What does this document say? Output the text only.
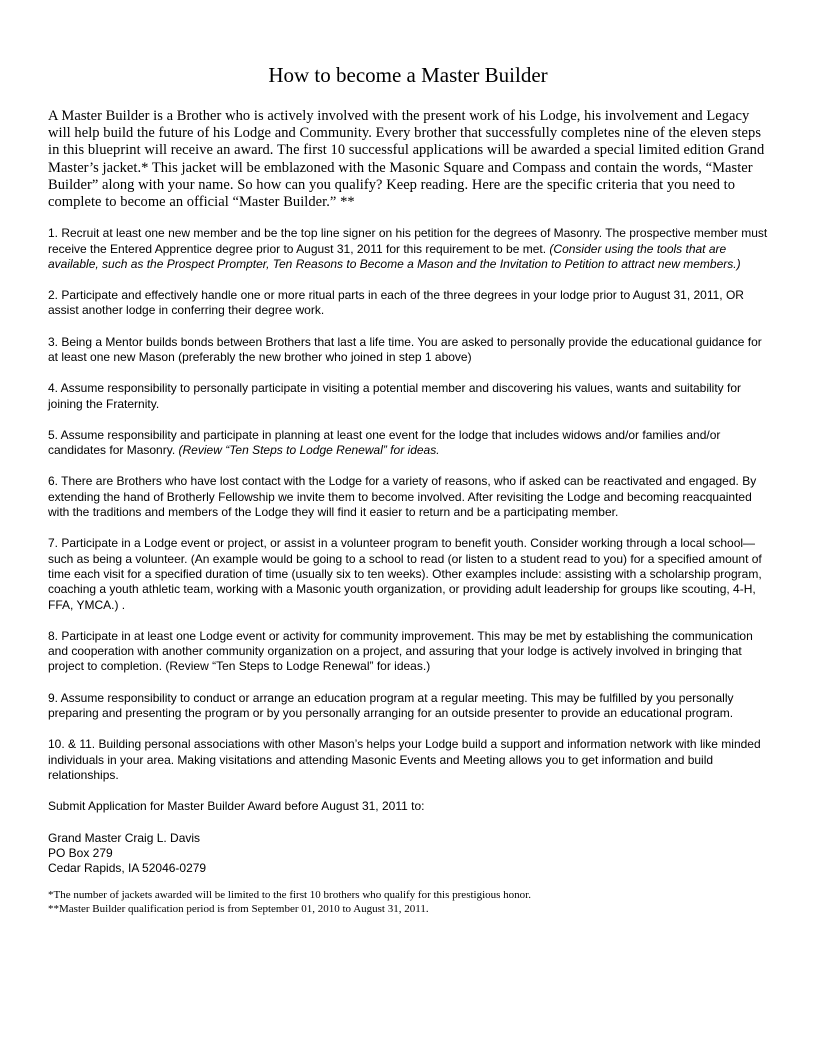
How to become a Master Builder

A Master Builder is a Brother who is actively involved with the present work of his Lodge, his involvement and Legacy will help build the future of his Lodge and Community. Every brother that successfully completes nine of the eleven steps in this blueprint will receive an award. The first 10 successful applications will be awarded a special limited edition Grand Master’s jacket.* This jacket will be emblazoned with the Masonic Square and Compass and contain the words, “Master Builder” along with your name. So how can you qualify? Keep reading. Here are the specific criteria that you need to complete to become an official “Master Builder.” **

1. Recruit at least one new member and be the top line signer on his petition for the degrees of Masonry. The prospective member must receive the Entered Apprentice degree prior to August 31, 2011 for this requirement to be met. (Consider using the tools that are available, such as the Prospect Prompter, Ten Reasons to Become a Mason and the Invitation to Petition to attract new members.)

2. Participate and effectively handle one or more ritual parts in each of the three degrees in your lodge prior to August 31, 2011, OR assist another lodge in conferring their degree work.

3. Being a Mentor builds bonds between Brothers that last a life time. You are asked to personally provide the educational guidance for at least one new Mason (preferably the new brother who joined in step 1 above)

4. Assume responsibility to personally participate in visiting a potential member and discovering his values, wants and suitability for joining the Fraternity.

5. Assume responsibility and participate in planning at least one event for the lodge that includes widows and/or families and/or candidates for Masonry. (Review “Ten Steps to Lodge Renewal” for ideas.

6. There are Brothers who have lost contact with the Lodge for a variety of reasons, who if asked can be reactivated and engaged. By extending the hand of Brotherly Fellowship we invite them to become involved. After revisiting the Lodge and becoming reacquainted with the traditions and members of the Lodge they will find it easier to return and be a participating member.

7. Participate in a Lodge event or project, or assist in a volunteer program to benefit youth. Consider working through a local school—such as being a volunteer. (An example would be going to a school to read (or listen to a student read to you) for a specified amount of time each visit for a specified duration of time (usually six to ten weeks). Other examples include: assisting with a scholarship program, coaching a youth athletic team, working with a Masonic youth organization, or providing adult leadership for groups like scouting, 4-H, FFA, YMCA.) .

8. Participate in at least one Lodge event or activity for community improvement. This may be met by establishing the communication and cooperation with another community organization on a project, and assuring that your lodge is actively involved in bringing that project to completion. (Review “Ten Steps to Lodge Renewal” for ideas.)

9. Assume responsibility to conduct or arrange an education program at a regular meeting. This may be fulfilled by you personally preparing and presenting the program or by you personally arranging for an outside presenter to provide an educational program.

10. & 11. Building personal associations with other Mason’s helps your Lodge build a support and information network with like minded individuals in your area. Making visitations and attending Masonic Events and Meeting allows you to get information and build relationships.

Submit Application for Master Builder Award before August 31, 2011 to:

Grand Master Craig L. Davis
PO Box 279
Cedar Rapids, IA 52046-0279
*The number of jackets awarded will be limited to the first 10 brothers who qualify for this prestigious honor.
**Master Builder qualification period is from September 01, 2010 to August 31, 2011.
